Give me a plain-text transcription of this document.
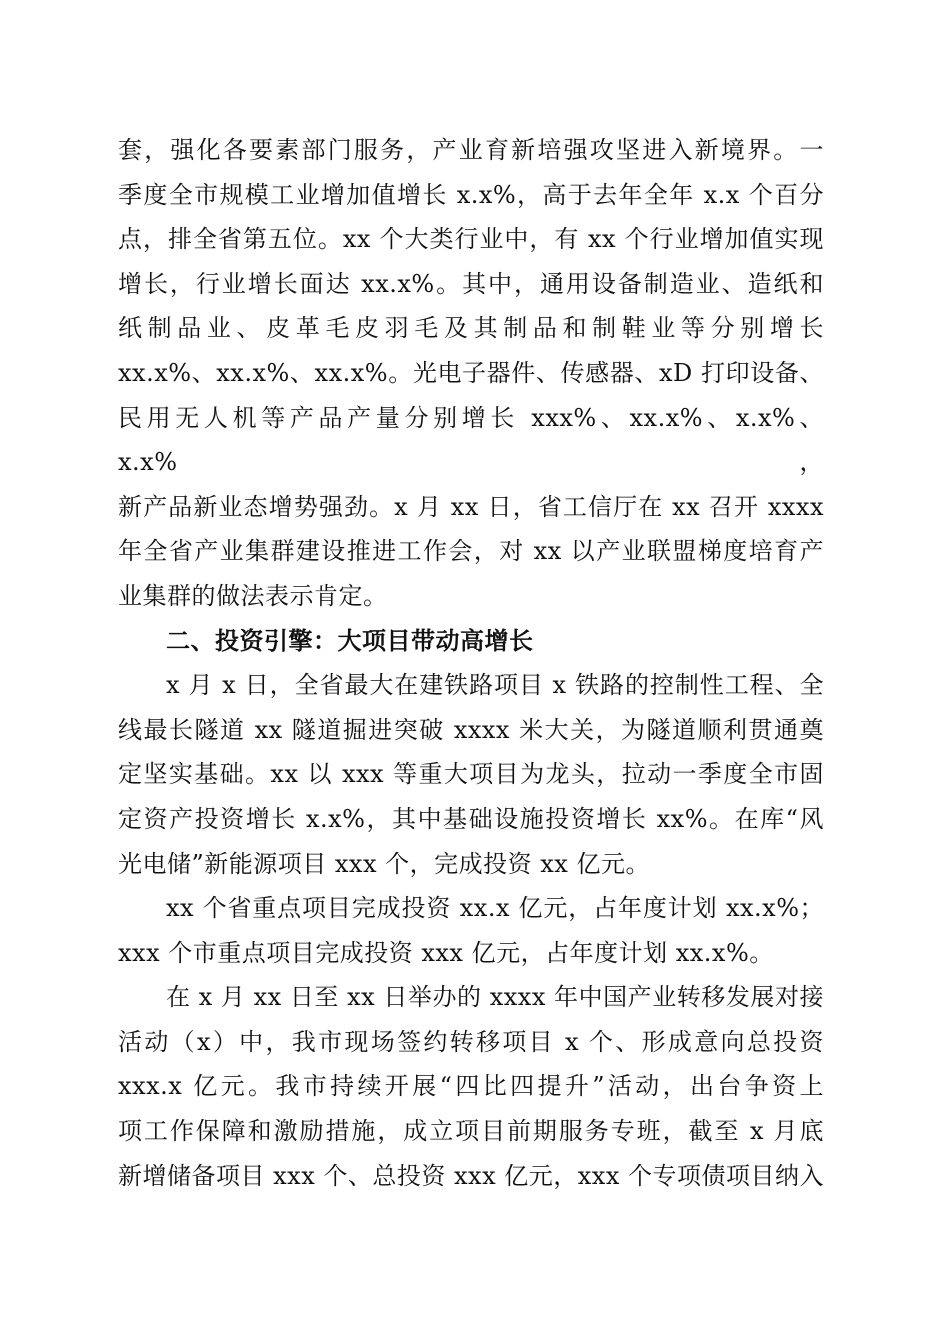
套，强化各要素部门服务，产业育新培强攻坚进入新境界。一
季度全市规模工业增加值增长 x.x%，高于去年全年 x.x 个百分
点，排全省第五位。xx 个大类行业中，有 xx 个行业增加值实现
增长，行业增长面达 xx.x%。其中，通用设备制造业、造纸和
纸制品业、皮革毛皮羽毛及其制品和制鞋业等分别增长
xx.x%、xx.x%、xx.x%。光电子器件、传感器、xD 打印设备、
民用无人机等产品产量分别增长 xxx%、xx.x%、x.x%、x.x%，
新产品新业态增势强劲。x 月 xx 日，省工信厅在 xx 召开 xxxx
年全省产业集群建设推进工作会，对 xx 以产业联盟梯度培育产
业集群的做法表示肯定。
二、投资引擎：大项目带动高增长
x 月 x 日，全省最大在建铁路项目 x 铁路的控制性工程、全
线最长隧道 xx 隧道掘进突破 xxxx 米大关，为隧道顺利贯通奠
定坚实基础。xx 以 xxx 等重大项目为龙头，拉动一季度全市固
定资产投资增长 x.x%，其中基础设施投资增长 xx%。在库“风
光电储”新能源项目 xxx 个，完成投资 xx 亿元。
xx 个省重点项目完成投资 xx.x 亿元，占年度计划 xx.x%；
xxx 个市重点项目完成投资 xxx 亿元，占年度计划 xx.x%。
在 x 月 xx 日至 xx 日举办的 xxxx 年中国产业转移发展对接
活动（x）中，我市现场签约转移项目 x 个、形成意向总投资
xxx.x 亿元。我市持续开展“四比四提升”活动，出台争资上
项工作保障和激励措施，成立项目前期服务专班，截至 x 月底
新增储备项目 xxx 个、总投资 xxx 亿元，xxx 个专项债项目纳入
